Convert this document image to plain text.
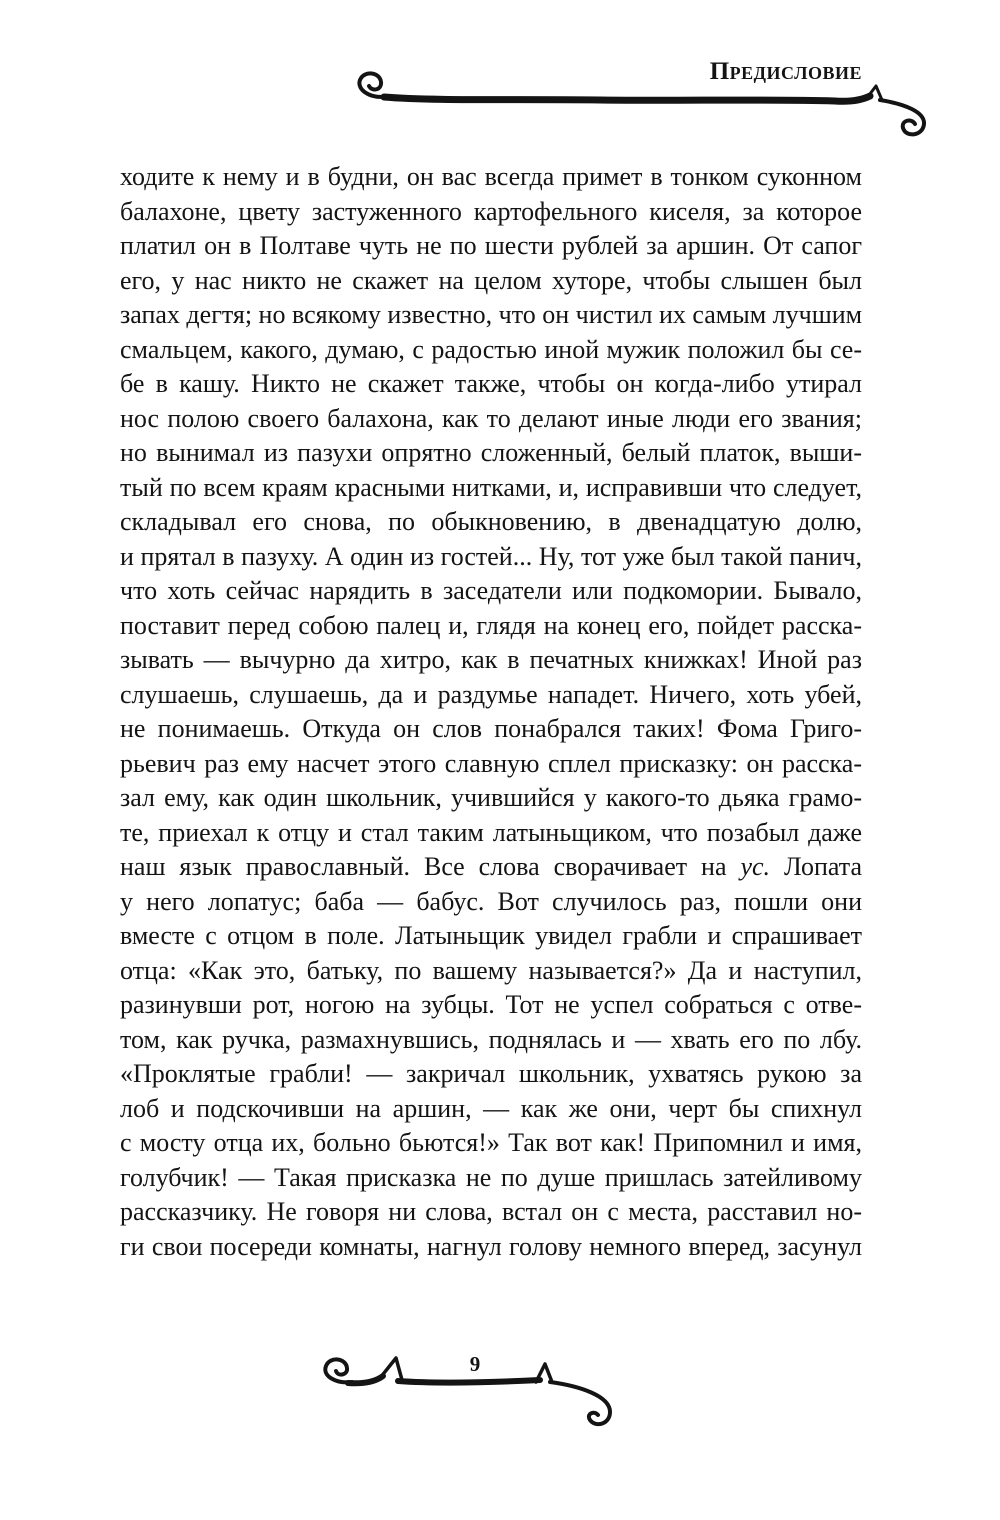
Предисловие
ходите к нему и в будни, он вас всегда примет в тонком суконном
балахоне, цвету застуженного картофельного киселя, за которое
платил он в Полтаве чуть не по шести рублей за аршин. От сапог
его, у нас никто не скажет на целом хуторе, чтобы слышен был
запах дегтя; но всякому известно, что он чистил их самым лучшим
смальцем, какого, думаю, с радостью иной мужик положил бы се-
бе в кашу. Никто не скажет также, чтобы он когда-либо утирал
нос полою своего балахона, как то делают иные люди его звания;
но вынимал из пазухи опрятно сложенный, белый платок, выши-
тый по всем краям красными нитками, и, исправивши что следует,
складывал его снова, по обыкновению, в двенадцатую долю,
и прятал в пазуху. А один из гостей... Ну, тот уже был такой панич,
что хоть сейчас нарядить в заседатели или подкомории. Бывало,
поставит перед собою палец и, глядя на конец его, пойдет расска-
зывать — вычурно да хитро, как в печатных книжках! Иной раз
слушаешь, слушаешь, да и раздумье нападет. Ничего, хоть убей,
не понимаешь. Откуда он слов понабрался таких! Фома Григо-
рьевич раз ему насчет этого славную сплел присказку: он расска-
зал ему, как один школьник, учившийся у какого-то дьяка грамо-
те, приехал к отцу и стал таким латыньщиком, что позабыл даже
наш язык православный. Все слова сворачивает на ус. Лопата
у него лопатус; баба — бабус. Вот случилось раз, пошли они
вместе с отцом в поле. Латыньщик увидел грабли и спрашивает
отца: «Как это, батьку, по вашему называется?» Да и наступил,
разинувши рот, ногою на зубцы. Тот не успел собраться с отве-
том, как ручка, размахнувшись, поднялась и — хвать его по лбу.
«Проклятые грабли! — закричал школьник, ухватясь рукою за
лоб и подскочивши на аршин, — как же они, черт бы спихнул
с мосту отца их, больно бьются!» Так вот как! Припомнил и имя,
голубчик! — Такая присказка не по душе пришлась затейливому
рассказчику. Не говоря ни слова, встал он с места, расставил но-
ги свои посереди комнаты, нагнул голову немного вперед, засунул
9
